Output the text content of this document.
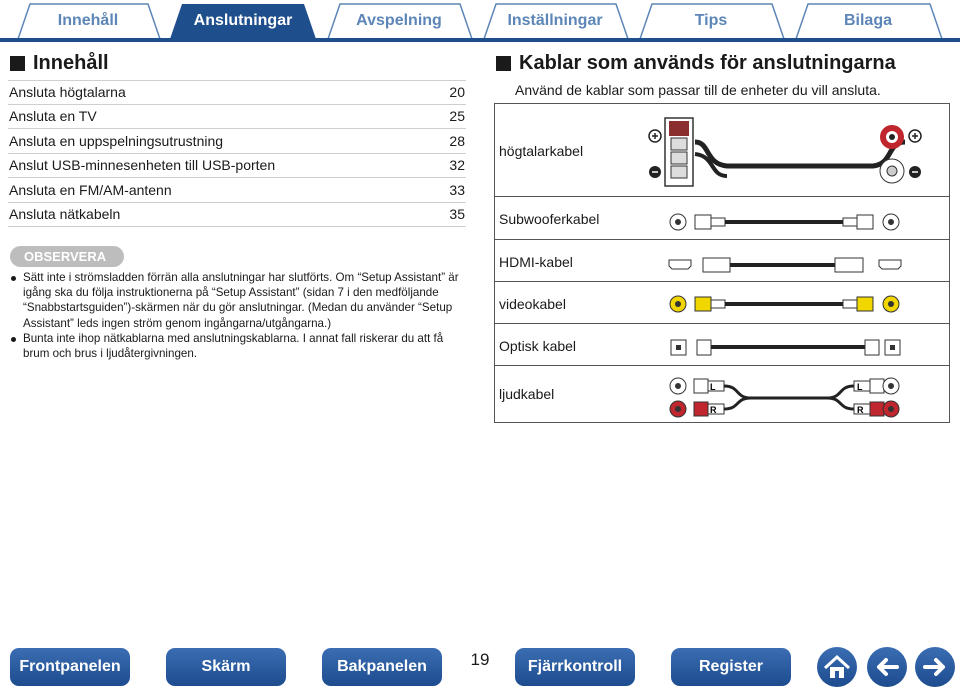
Innehåll	Anslutningar	Avspelning	Inställningar	Tips	Bilaga
Innehåll
Ansluta högtalarna	20
Ansluta en TV	25
Ansluta en uppspelningsutrustning	28
Anslut USB-minnesenheten till USB-porten	32
Ansluta en FM/AM-antenn	33
Ansluta nätkabeln	35
OBSERVERA
Sätt inte i strömsladden förrän alla anslutningar har slutförts. Om “Setup Assistant” är igång ska du följa instruktionerna på “Setup Assistant” (sidan 7 i den medföljande “Snabbstartsguiden”)-skärmen när du gör anslutningar. (Medan du använder “Setup Assistant” leds ingen ström genom ingångarna/utgångarna.)
Bunta inte ihop nätkablarna med anslutningskablarna. I annat fall riskerar du att få brum och brus i ljudåtergivningen.
Kablar som används för anslutningarna
Använd de kablar som passar till de enheter du vill ansluta.
högtalarkabel
Subwooferkabel
HDMI-kabel
videokabel
Optisk kabel
ljudkabel	L
R
L
R
Frontpanelen	Skärm	Bakpanelen	19	Fjärrkontroll	Register
